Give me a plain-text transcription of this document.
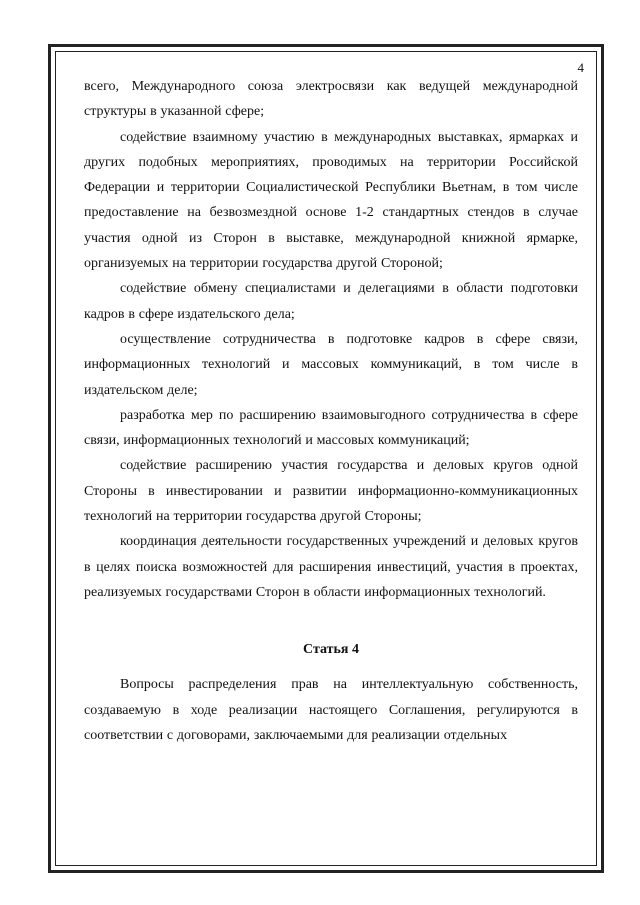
4

всего, Международного союза электросвязи как ведущей международной структуры в указанной сфере;

содействие взаимному участию в международных выставках, ярмарках и других подобных мероприятиях, проводимых на территории Российской Федерации и территории Социалистической Республики Вьетнам, в том числе предоставление на безвозмездной основе 1-2 стандартных стендов в случае участия одной из Сторон в выставке, международной книжной ярмарке, организуемых на территории государства другой Стороной;

содействие обмену специалистами и делегациями в области подготовки кадров в сфере издательского дела;

осуществление сотрудничества в подготовке кадров в сфере связи, информационных технологий и массовых коммуникаций, в том числе в издательском деле;

разработка мер по расширению взаимовыгодного сотрудничества в сфере связи, информационных технологий и массовых коммуникаций;

содействие расширению участия государства и деловых кругов одной Стороны в инвестировании и развитии информационно-коммуникационных технологий на территории государства другой Стороны;

координация деятельности государственных учреждений и деловых кругов в целях поиска возможностей для расширения инвестиций, участия в проектах, реализуемых государствами Сторон в области информационных технологий.

Статья 4

Вопросы распределения прав на интеллектуальную собственность, создаваемую в ходе реализации настоящего Соглашения, регулируются в соответствии с договорами, заключаемыми для реализации отдельных
